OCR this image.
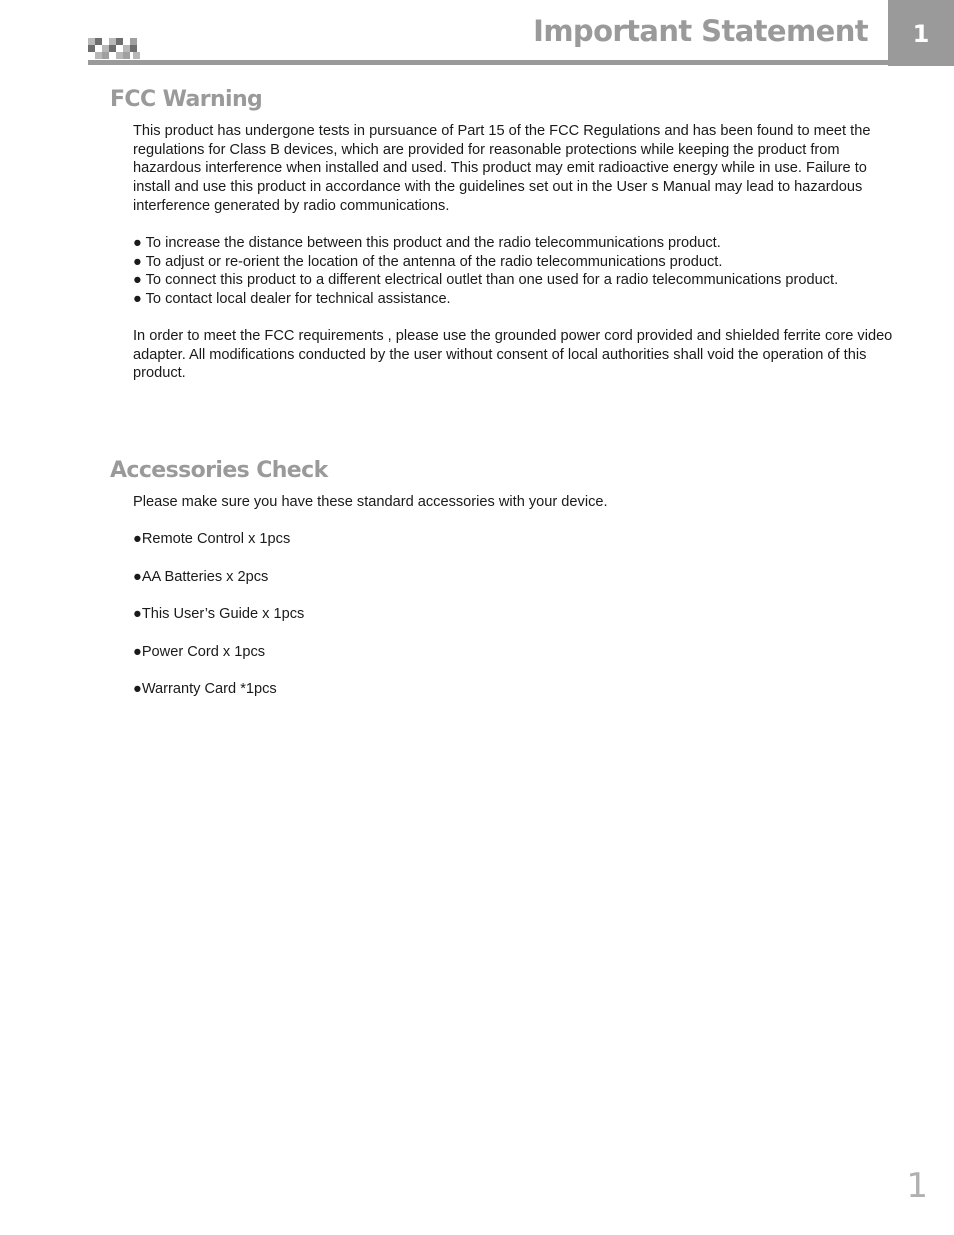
Important Statement	1
FCC Warning

This product has undergone tests in pursuance of Part 15 of the FCC Regulations and has been found to meet the regulations for Class B devices, which are provided for reasonable protections while keeping the product from hazardous interference when installed and used. This product may emit radioactive energy while in use. Failure to install and use this product in accordance with the guidelines set out in the User s Manual may lead to hazardous interference generated by radio communications.

● To increase the distance between this product and the radio telecommunications product.
● To adjust or re-orient the location of the antenna of the radio telecommunications product.
● To connect this product to a different electrical outlet than one used for a radio telecommunications product.
● To contact local dealer for technical assistance.

In order to meet the FCC requirements , please use the grounded power cord provided and shielded ferrite core video adapter. All modifications conducted by the user without consent of local authorities shall void the operation of this product.

Accessories Check

Please make sure you have these standard accessories with your device.

●Remote Control x 1pcs
●AA Batteries x 2pcs
●This User’s Guide x 1pcs
●Power Cord x 1pcs
●Warranty Card *1pcs
1
